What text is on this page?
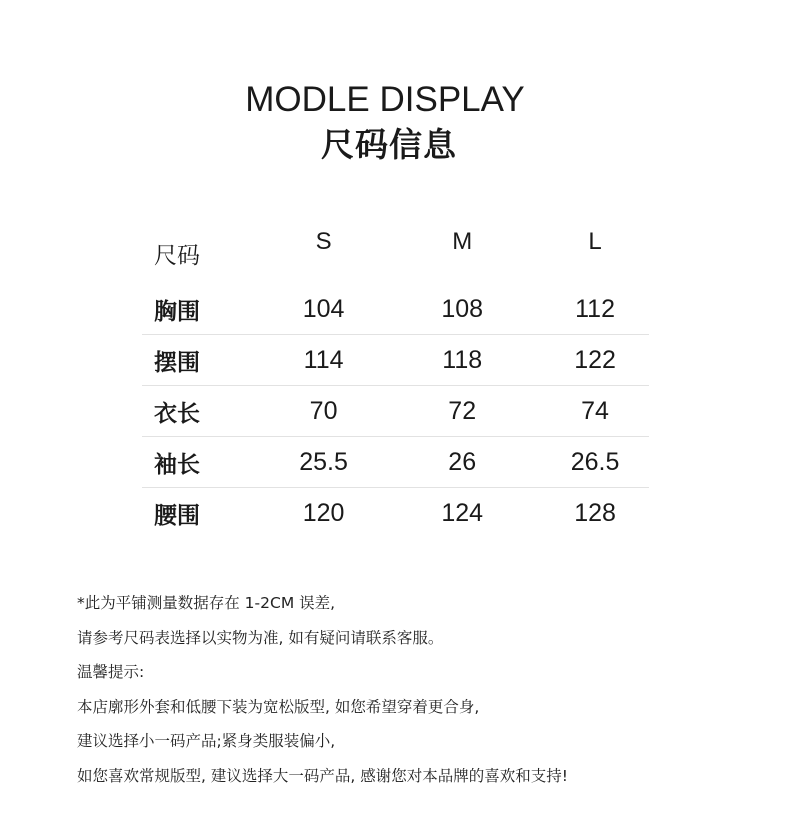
MODLE DISPLAY
尺码信息
尺码	S	M	L
胸围	104	108	112
摆围	114	118	122
衣长	70	72	74
袖长	25.5	26	26.5
腰围	120	124	128
*此为平铺测量数据存在 1-2CM 误差,
请参考尺码表选择以实物为准, 如有疑问请联系客服。
温馨提示:
本店廓形外套和低腰下装为宽松版型, 如您希望穿着更合身,
建议选择小一码产品;紧身类服装偏小,
如您喜欢常规版型, 建议选择大一码产品, 感谢您对本品牌的喜欢和支持!
